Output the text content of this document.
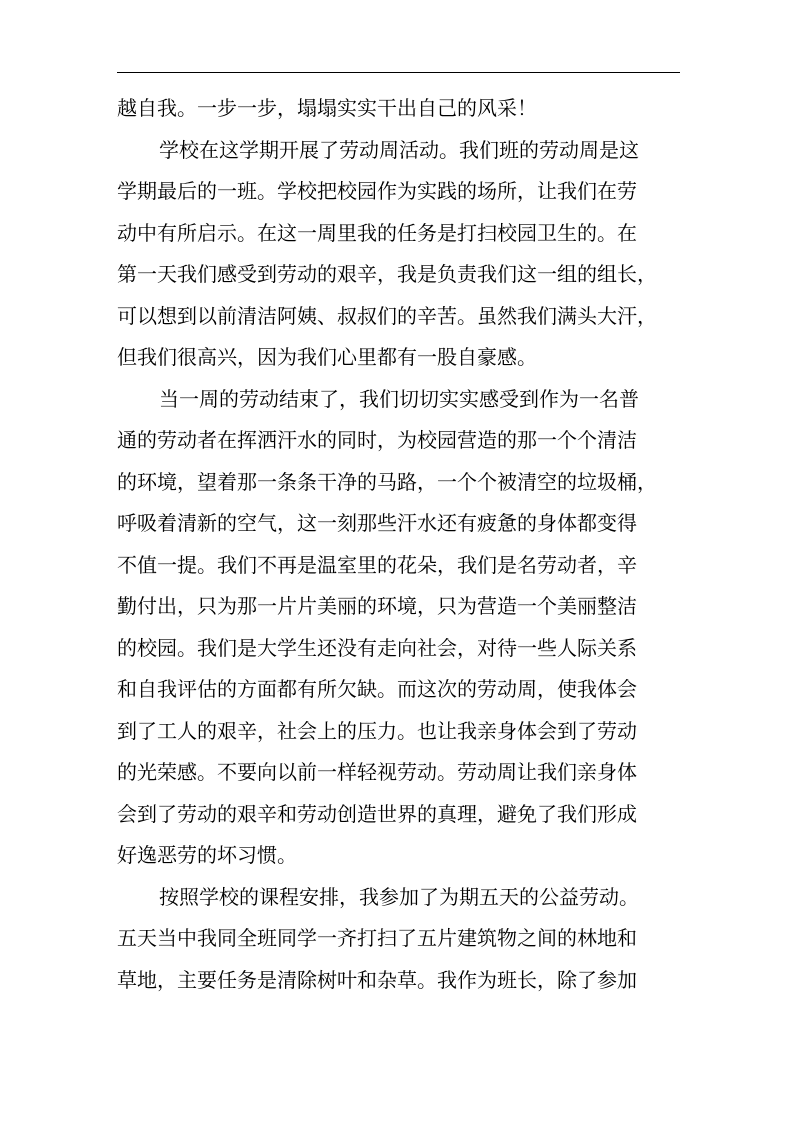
越自我。一步一步，塌塌实实干出自己的风采！
学校在这学期开展了劳动周活动。我们班的劳动周是这
学期最后的一班。学校把校园作为实践的场所，让我们在劳
动中有所启示。在这一周里我的任务是打扫校园卫生的。在
第一天我们感受到劳动的艰辛，我是负责我们这一组的组长，
可以想到以前清洁阿姨、叔叔们的辛苦。虽然我们满头大汗，
但我们很高兴，因为我们心里都有一股自豪感。
当一周的劳动结束了，我们切切实实感受到作为一名普
通的劳动者在挥洒汗水的同时，为校园营造的那一个个清洁
的环境，望着那一条条干净的马路，一个个被清空的垃圾桶，
呼吸着清新的空气，这一刻那些汗水还有疲惫的身体都变得
不值一提。我们不再是温室里的花朵，我们是名劳动者，辛
勤付出，只为那一片片美丽的环境，只为营造一个美丽整洁
的校园。我们是大学生还没有走向社会，对待一些人际关系
和自我评估的方面都有所欠缺。而这次的劳动周，使我体会
到了工人的艰辛，社会上的压力。也让我亲身体会到了劳动
的光荣感。不要向以前一样轻视劳动。劳动周让我们亲身体
会到了劳动的艰辛和劳动创造世界的真理，避免了我们形成
好逸恶劳的坏习惯。
按照学校的课程安排，我参加了为期五天的公益劳动。
五天当中我同全班同学一齐打扫了五片建筑物之间的林地和
草地，主要任务是清除树叶和杂草。我作为班长，除了参加
